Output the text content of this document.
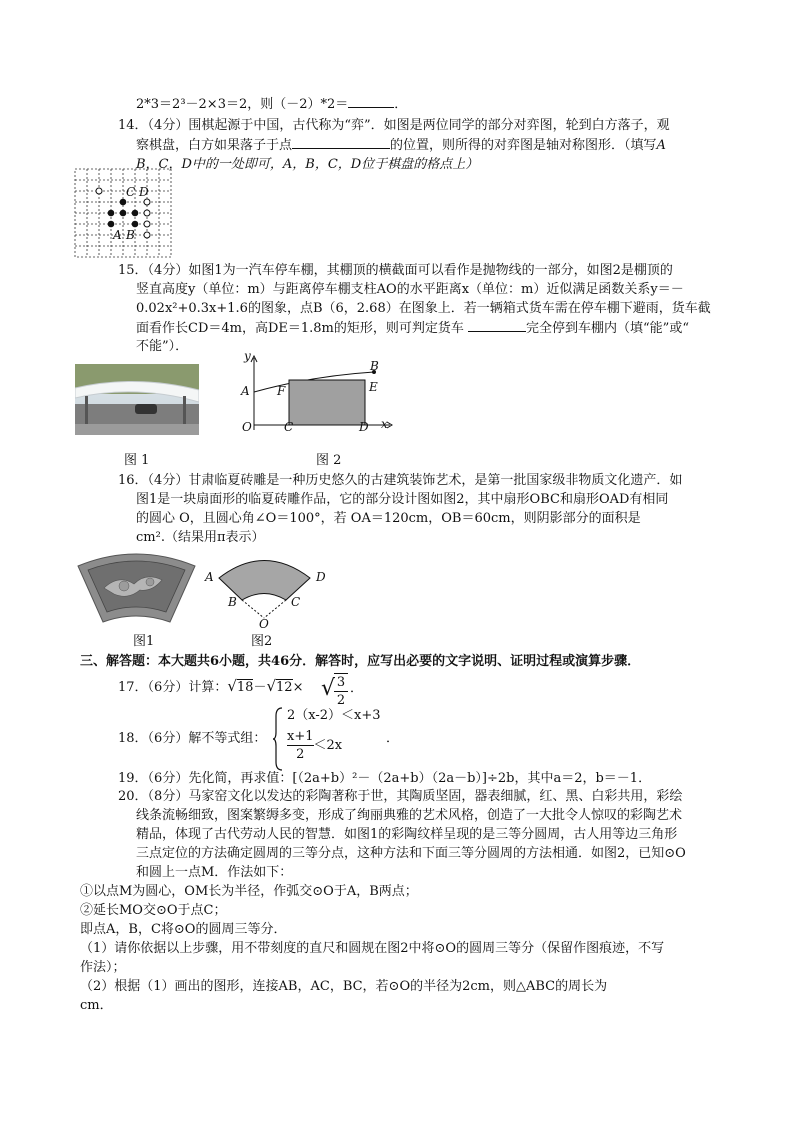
2*3＝2³－2×3＝2，则（－2）*2＝	．
14．（4分）围棋起源于中国，古代称为“弈”．如图是两位同学的部分对弈图，轮到白方落子，观
察棋盘，白方如果落子于点	的位置，则所得的对弈图是轴对称图形．（填写A
B，C，D中的一处即可，A，B，C，D位于棋盘的格点上）
C D
A B
15．（4分）如图1为一汽车停车棚，其棚顶的横截面可以看作是抛物线的一部分，如图2是棚顶的
竖直高度y（单位：m）与距离停车棚支柱AO的水平距离x（单位：m）近似满足函数关系y＝－
0.02x²+0.3x+1.6的图象，点B（6，2.68）在图象上．若一辆箱式货车需在停车棚下避雨，货车截
面看作长CD＝4m，高DE＝1.8m的矩形，则可判定货车	完全停到车棚内（填“能”或“
不能”）．
y
x
B
A F	E
O	C	D
图 1	图 2
16．（4分）甘肃临夏砖雕是一种历史悠久的古建筑装饰艺术，是第一批国家级非物质文化遗产．如
图1是一块扇面形的临夏砖雕作品，它的部分设计图如图2，其中扇形OBC和扇形OAD有相同
的圆心 O，且圆心角∠O＝100°，若 OA＝120cm，OB＝60cm，则阴影部分的面积是
cm².（结果用π表示）
A	D
B	C
O
图1	图2
三、解答题：本大题共6小题，共46分．解答时，应写出必要的文字说明、证明过程或演算步骤．
17．（6分）计算：√18－√12× √ 3
2
．
18．（6分）解不等式组：
2（x-2）＜x+3
$\frac{x+1}{2} <2x$	．
19．（6分）先化简，再求值：[（2a+b）²－（2a+b）（2a－b）]÷2b，其中a＝2，b＝－1．
20．（8分）马家窑文化以发达的彩陶著称于世，其陶质坚固，器表细腻，红、黑、白彩共用，彩绘
线条流畅细致，图案繁缛多变，形成了绚丽典雅的艺术风格，创造了一大批令人惊叹的彩陶艺术
精品，体现了古代劳动人民的智慧．如图1的彩陶纹样呈现的是三等分圆周，古人用等边三角形
三点定位的方法确定圆周的三等分点，这种方法和下面三等分圆周的方法相通．如图2，已知⊙O
和圆上一点M．作法如下：
①以点M为圆心，OM长为半径，作弧交⊙O于A，B两点；
②延长MO交⊙O于点C；
即点A，B，C将⊙O的圆周三等分．
（1）请你依据以上步骤，用不带刻度的直尺和圆规在图2中将⊙O的圆周三等分（保留作图痕迹，不写
作法）；
（2）根据（1）画出的图形，连接AB，AC，BC，若⊙O的半径为2cm，则△ABC的周长为
cm．
